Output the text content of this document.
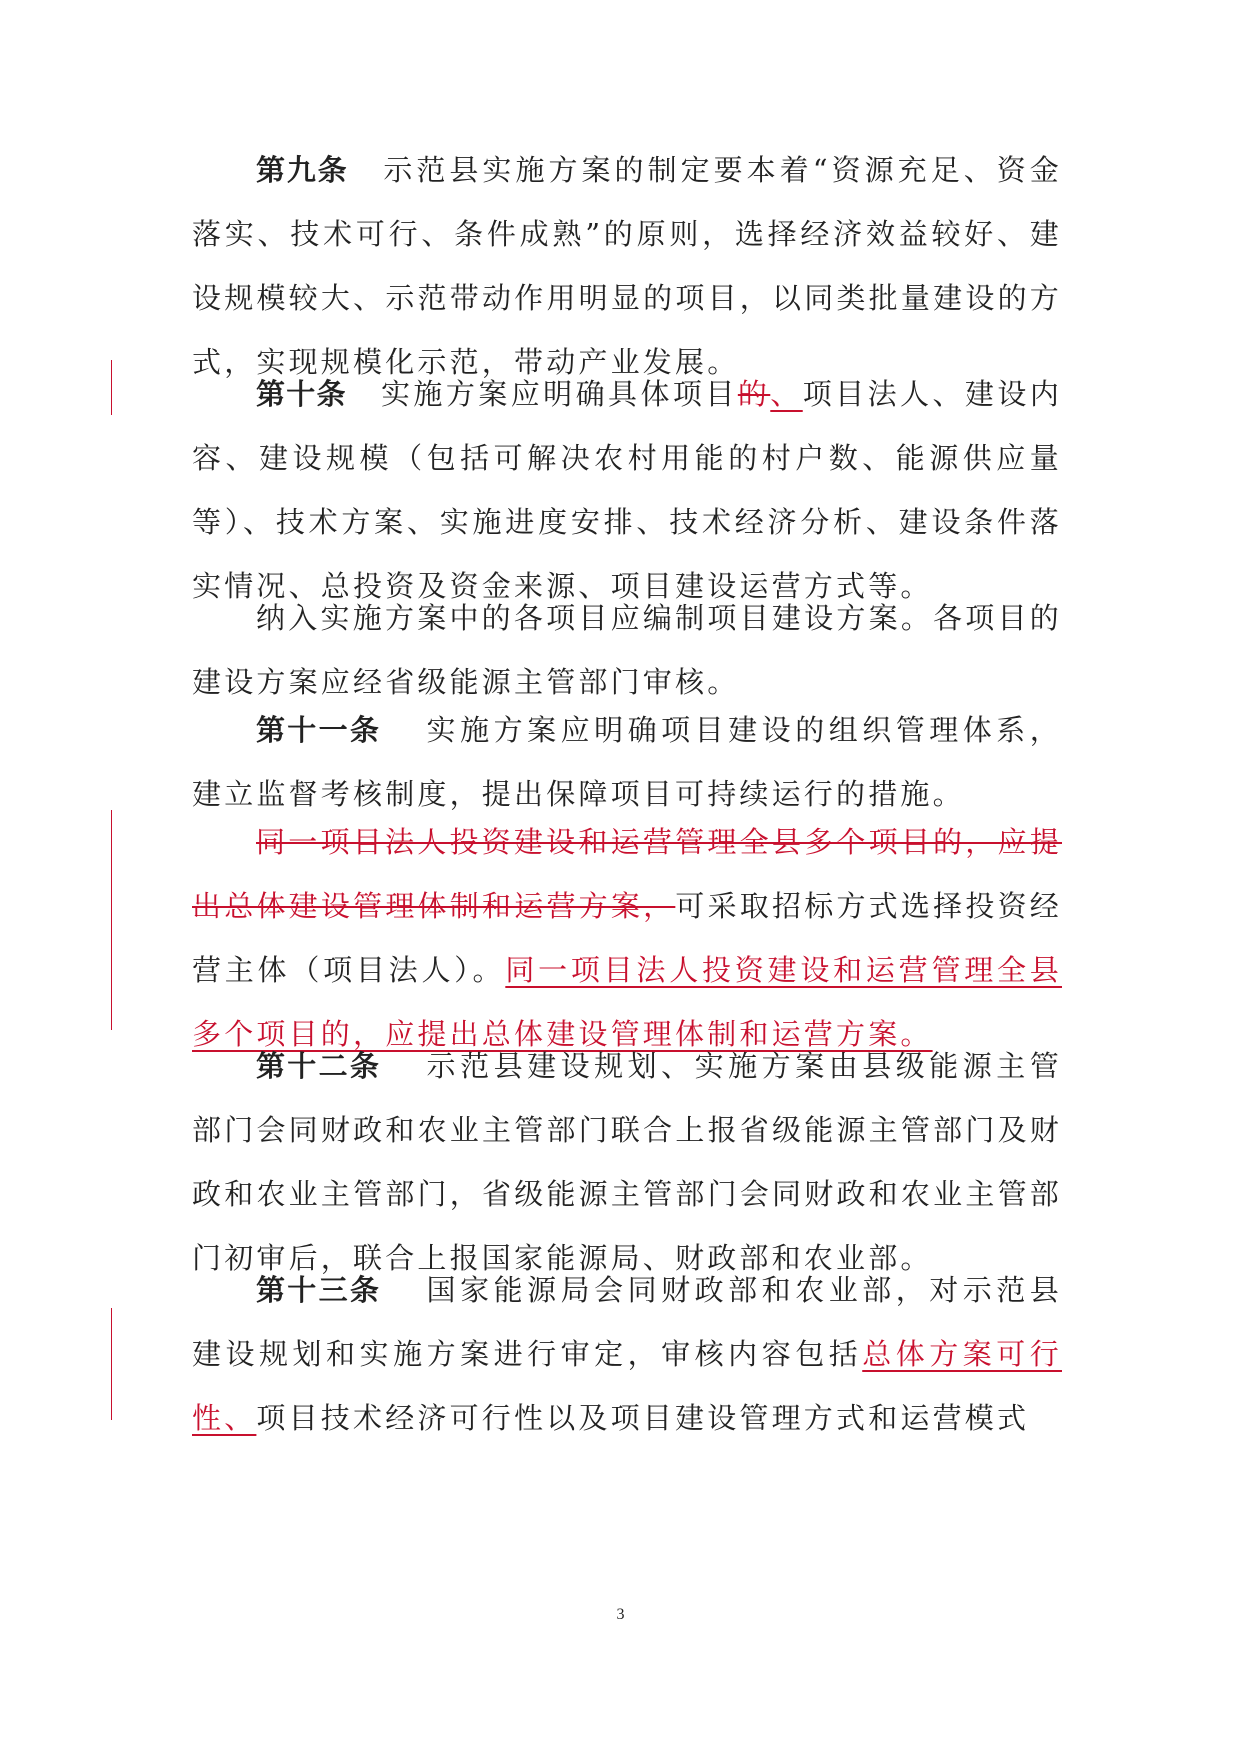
第九条 示范县实施方案的制定要本着“资源充足、资金落实、技术可行、条件成熟”的原则，选择经济效益较好、建设规模较大、示范带动作用明显的项目，以同类批量建设的方式，实现规模化示范，带动产业发展。

第十条 实施方案应明确具体项目的、项目法人、建设内容、建设规模（包括可解决农村用能的村户数、能源供应量等）、技术方案、实施进度安排、技术经济分析、建设条件落实情况、总投资及资金来源、项目建设运营方式等。

纳入实施方案中的各项目应编制项目建设方案。各项目的建设方案应经省级能源主管部门审核。

第十一条 实施方案应明确项目建设的组织管理体系，建立监督考核制度，提出保障项目可持续运行的措施。

同一项目法人投资建设和运营管理全县多个项目的，应提出总体建设管理体制和运营方案，可采取招标方式选择投资经营主体（项目法人）。同一项目法人投资建设和运营管理全县多个项目的，应提出总体建设管理体制和运营方案。

第十二条 示范县建设规划、实施方案由县级能源主管部门会同财政和农业主管部门联合上报省级能源主管部门及财政和农业主管部门，省级能源主管部门会同财政和农业主管部门初审后，联合上报国家能源局、财政部和农业部。

第十三条 国家能源局会同财政部和农业部，对示范县建设规划和实施方案进行审定，审核内容包括总体方案可行性、项目技术经济可行性以及项目建设管理方式和运营模式

3
